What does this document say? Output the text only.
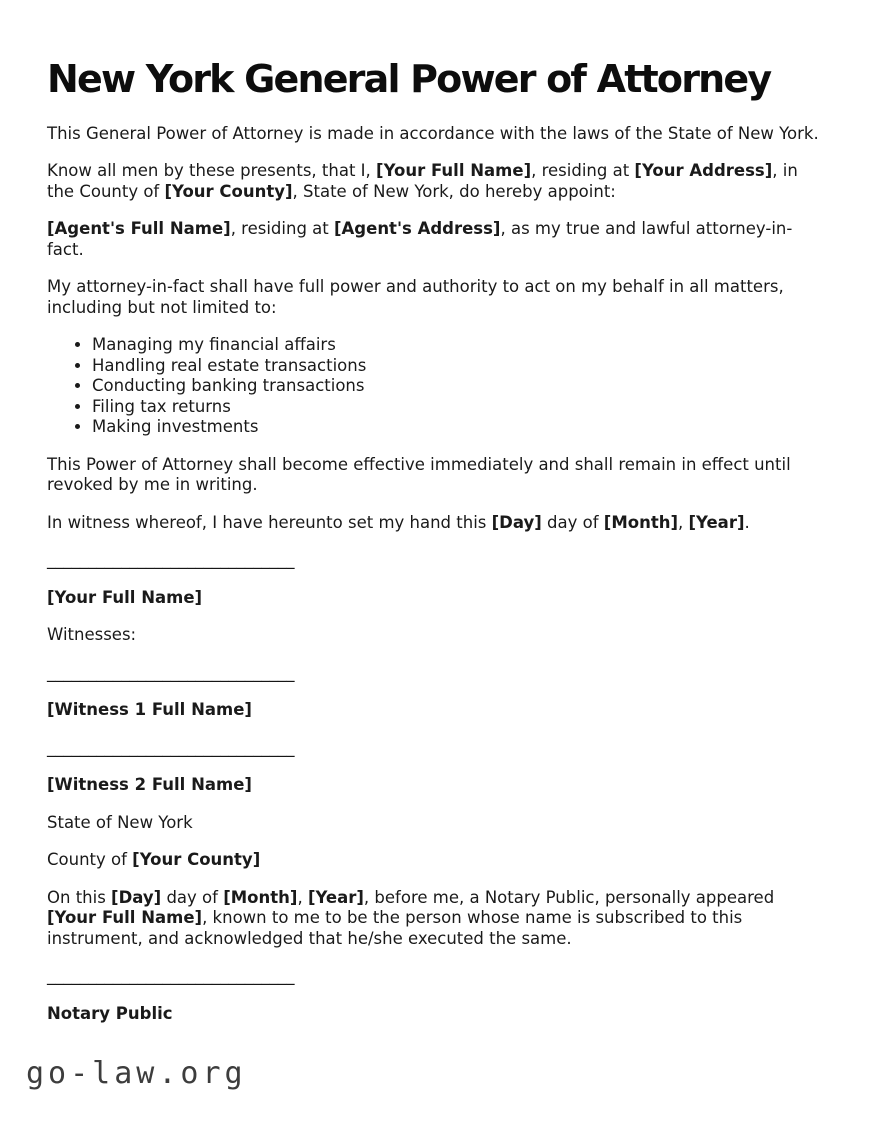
New York General Power of Attorney

This General Power of Attorney is made in accordance with the laws of the State of New York.

Know all men by these presents, that I, [Your Full Name], residing at [Your Address], in the County of [Your County], State of New York, do hereby appoint:

[Agent's Full Name], residing at [Agent's Address], as my true and lawful attorney-in-fact.

My attorney-in-fact shall have full power and authority to act on my behalf in all matters, including but not limited to:

• Managing my financial affairs
• Handling real estate transactions
• Conducting banking transactions
• Filing tax returns
• Making investments

This Power of Attorney shall become effective immediately and shall remain in effect until revoked by me in writing.

In witness whereof, I have hereunto set my hand this [Day] day of [Month], [Year].

______________________________

[Your Full Name]

Witnesses:

______________________________

[Witness 1 Full Name]

______________________________

[Witness 2 Full Name]

State of New York

County of [Your County]

On this [Day] day of [Month], [Year], before me, a Notary Public, personally appeared [Your Full Name], known to me to be the person whose name is subscribed to this instrument, and acknowledged that he/she executed the same.

______________________________

Notary Public

go-law.org
